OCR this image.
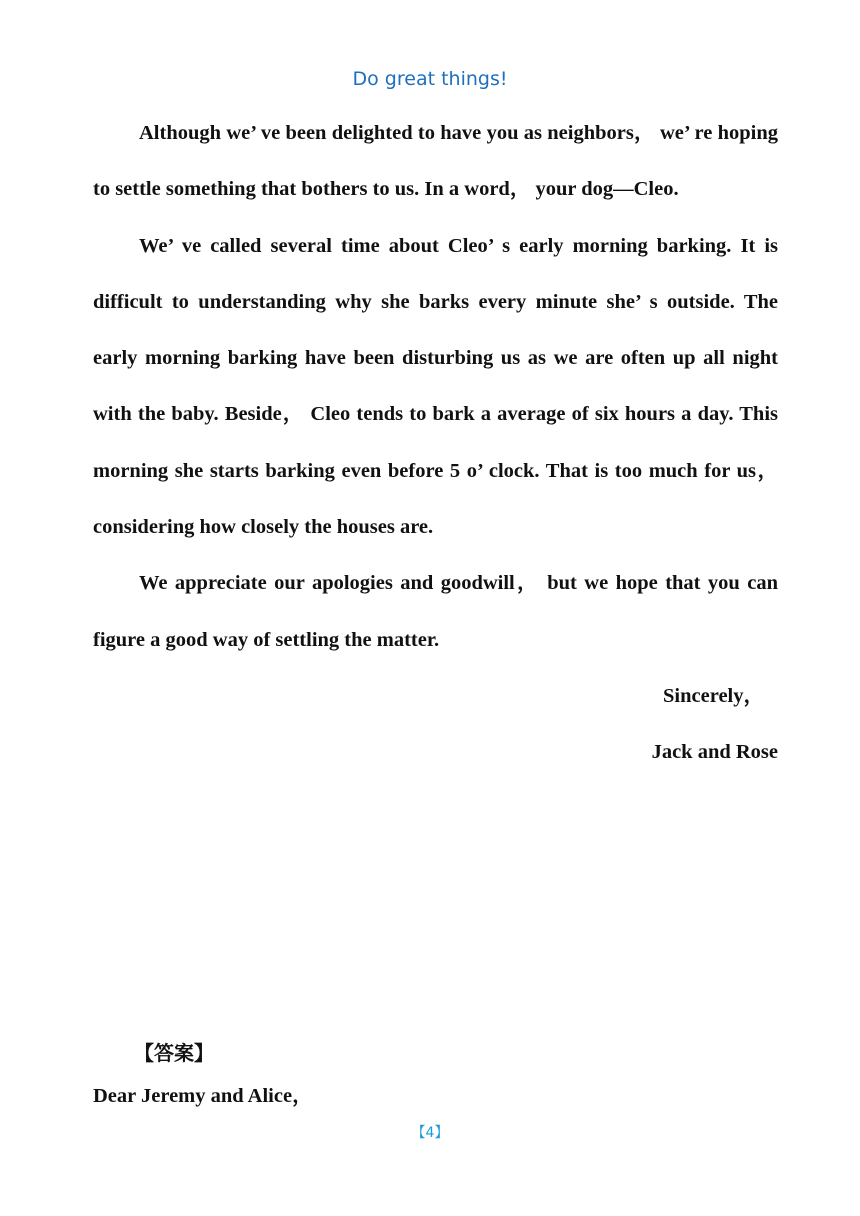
Do great things!

Although we’ ve been delighted to have you as neighbors， we’ re hoping to settle something that bothers to us. In a word， your dog—Cleo.

We’ ve called several time about Cleo’ s early morning barking. It is difficult to understanding why she barks every minute she’ s outside. The early morning barking have been disturbing us as we are often up all night with the baby. Beside， Cleo tends to bark a average of six hours a day. This morning she starts barking even before 5 o’ clock. That is too much for us， considering how closely the houses are.

We appreciate our apologies and goodwill， but we hope that you can figure a good way of settling the matter.

Sincerely，

Jack and Rose

【答案】

Dear Jeremy and Alice，

【4】
